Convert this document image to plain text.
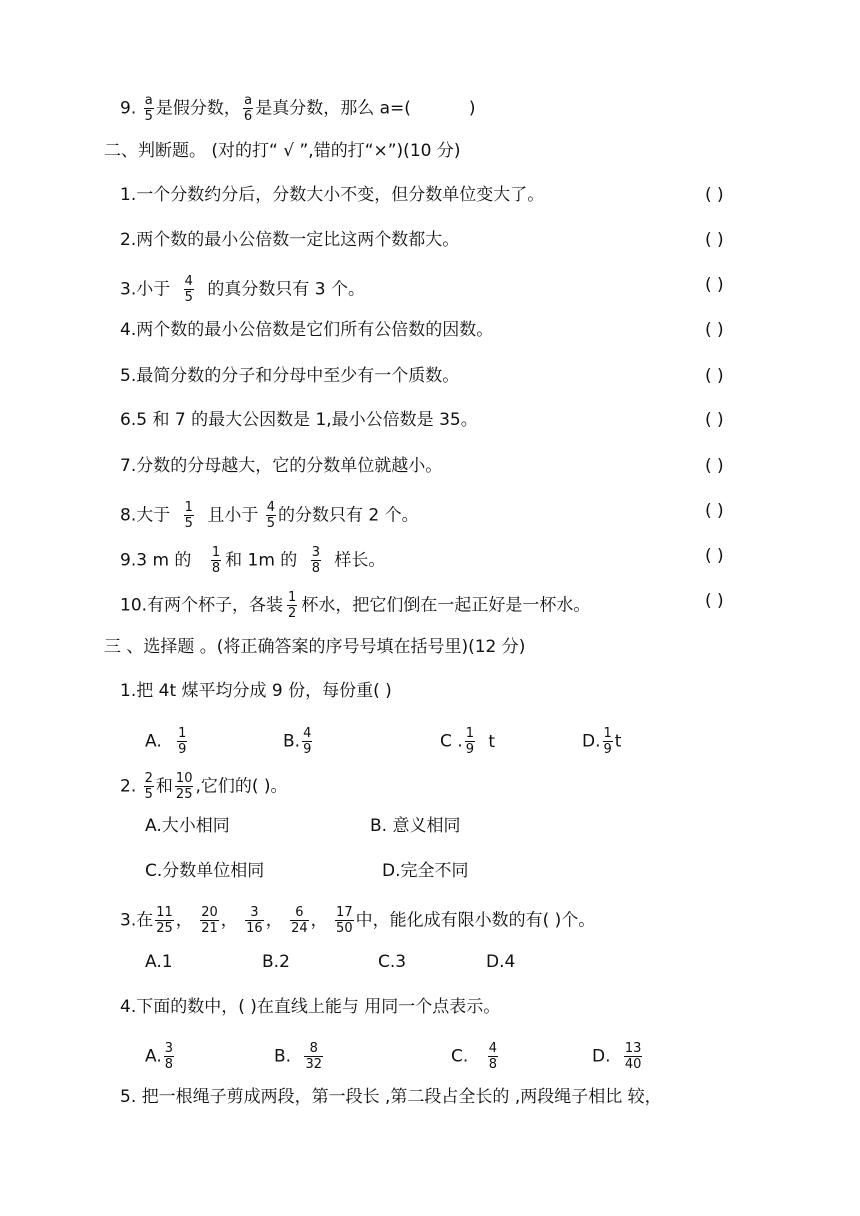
9. $\frac{a}{5}$ 是假分数， $\frac{a}{6}$ 是真分数，那么 a=(	)
二、判断题。 (对的打“ √ ”,错的打“×”)(10 分)
1.一个分数约分后，分数大小不变，但分数单位变大了。	( )
2.两个数的最小公倍数一定比这两个数都大。	( )
3.小于 $\frac{4}{5}$ 的真分数只有 3 个。	( )
4.两个数的最小公倍数是它们所有公倍数的因数。	( )
5.最简分数的分子和分母中至少有一个质数。	( )
6.5 和 7 的最大公因数是 1,最小公倍数是 35。	( )
7.分数的分母越大，它的分数单位就越小。	( )
8.大于 $\frac{1}{5}$ 且小于 $\frac{4}{5}$ 的分数只有 2 个。	( )
9.3 m 的 $\frac{1}{8}$ 和 1m 的 $\frac{3}{8}$ 样长。	( )
10.有两个杯子，各装 $\frac{1}{2}$ 杯水，把它们倒在一起正好是一杯水。	( )
三 、选择题 。(将正确答案的序号号填在括号里)(12 分)
1.把 4t 煤平均分成 9 份，每份重( )
A. $\frac{1}{9}$	B. $\frac{4}{9}$	C . $\frac{1}{9}$ t	D. $\frac{1}{9}$ t
2. $\frac{2}{5}$ 和 $\frac{10}{25}$ ,它们的( )。
A.大小相同	B. 意义相同
C.分数单位相同	D.完全不同
3.在 $\frac{11}{25}$ ， $\frac{20}{21}$ ， $\frac{3}{16}$ ， $\frac{6}{24}$ ， $\frac{17}{50}$ 中，能化成有限小数的有( )个。
A.1	B.2	C.3	D.4
4.下面的数中，( )在直线上能与 用同一个点表示。
A. $\frac{3}{8}$	B. $\frac{8}{32}$	C. $\frac{4}{8}$	D. $\frac{13}{40}$
5. 把一根绳子剪成两段，第一段长 ,第二段占全长的 ,两段绳子相比 较，
